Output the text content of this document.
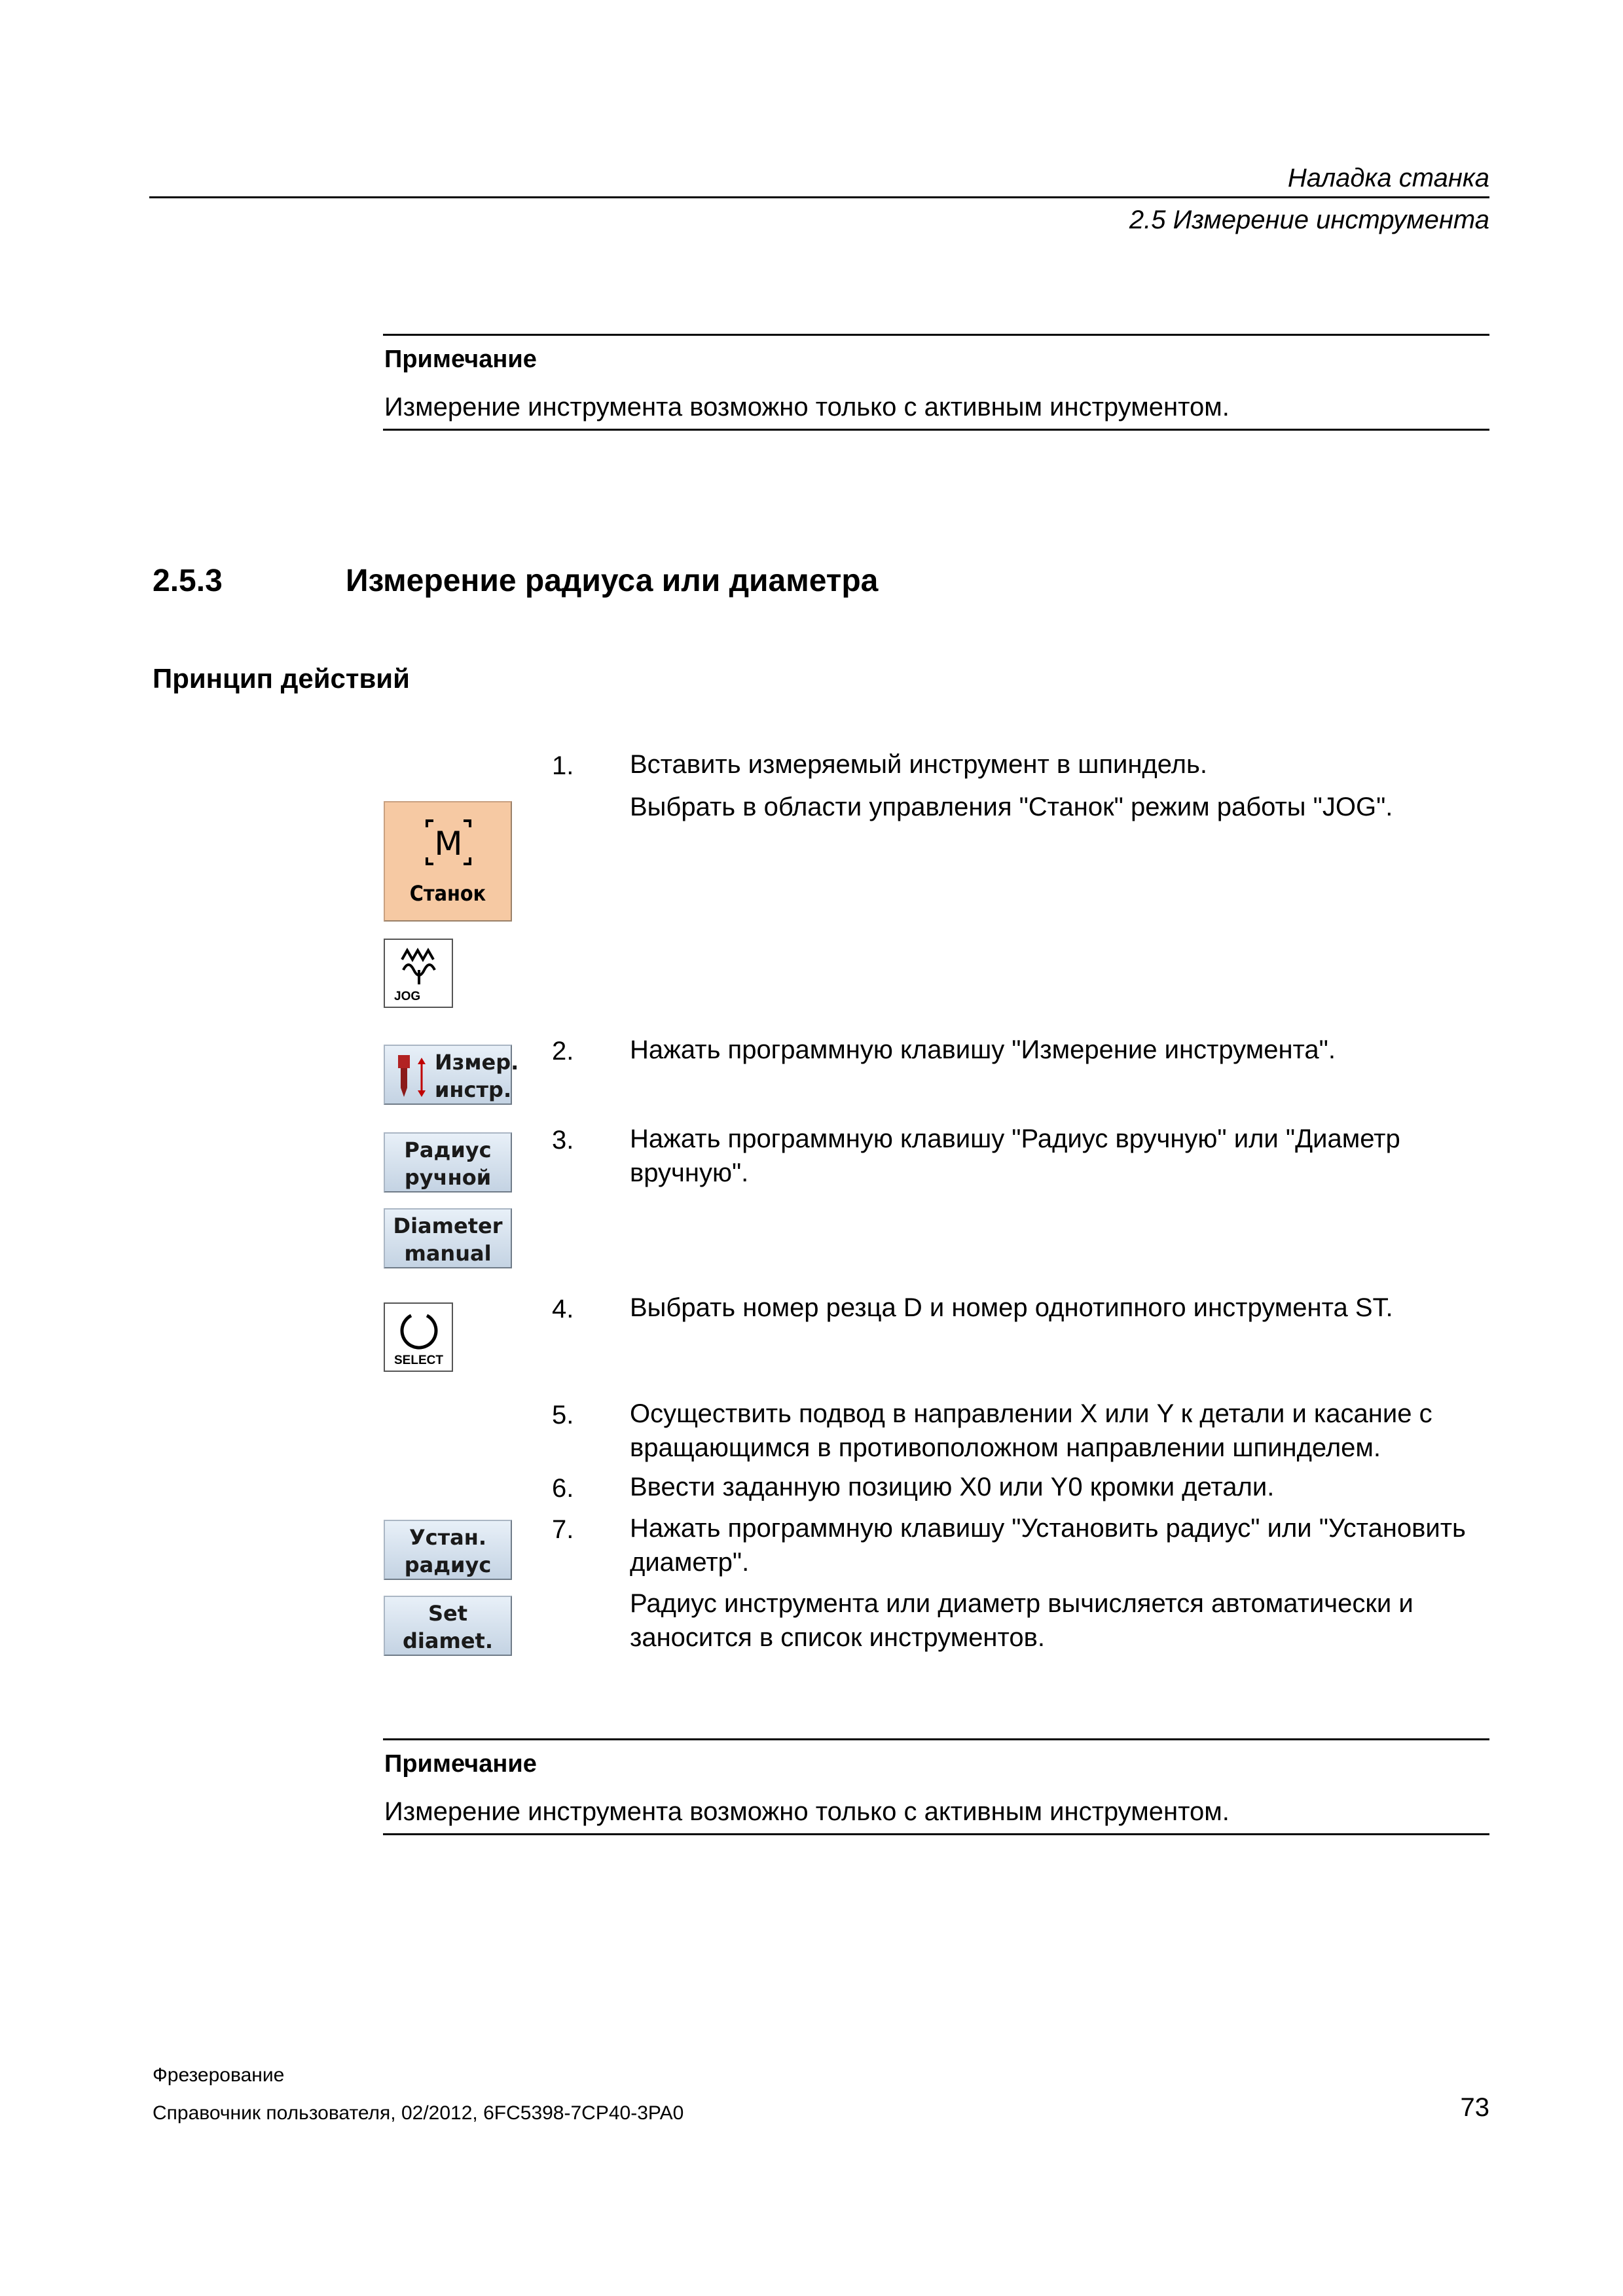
Наладка станка
2.5 Измерение инструмента
Примечание
Измерение инструмента возможно только с активным инструментом.
2.5.3	Измерение радиуса или диаметра
Принцип действий
M
Станок
JOG
Измер.
инстр.
Радиус
ручной
Diameter
manual
SELECT
Устан.
радиус
Set
diamet.
1. Вставить измеряемый инструмент в шпиндель.
Выбрать в области управления "Станок" режим работы "JOG".
2. Нажать программную клавишу "Измерение инструмента".
3. Нажать программную клавишу "Радиус вручную" или "Диаметр вручную".
4. Выбрать номер резца D и номер однотипного инструмента ST.
5. Осуществить подвод в направлении X или Y к детали и касание с вращающимся в противоположном направлении шпинделем.
6. Ввести заданную позицию X0 или Y0 кромки детали.
7. Нажать программную клавишу "Установить радиус" или "Установить диаметр".
Радиус инструмента или диаметр вычисляется автоматически и заносится в список инструментов.
Примечание
Измерение инструмента возможно только с активным инструментом.
Фрезерование
Справочник пользователя, 02/2012, 6FC5398-7CP40-3PA0	73
